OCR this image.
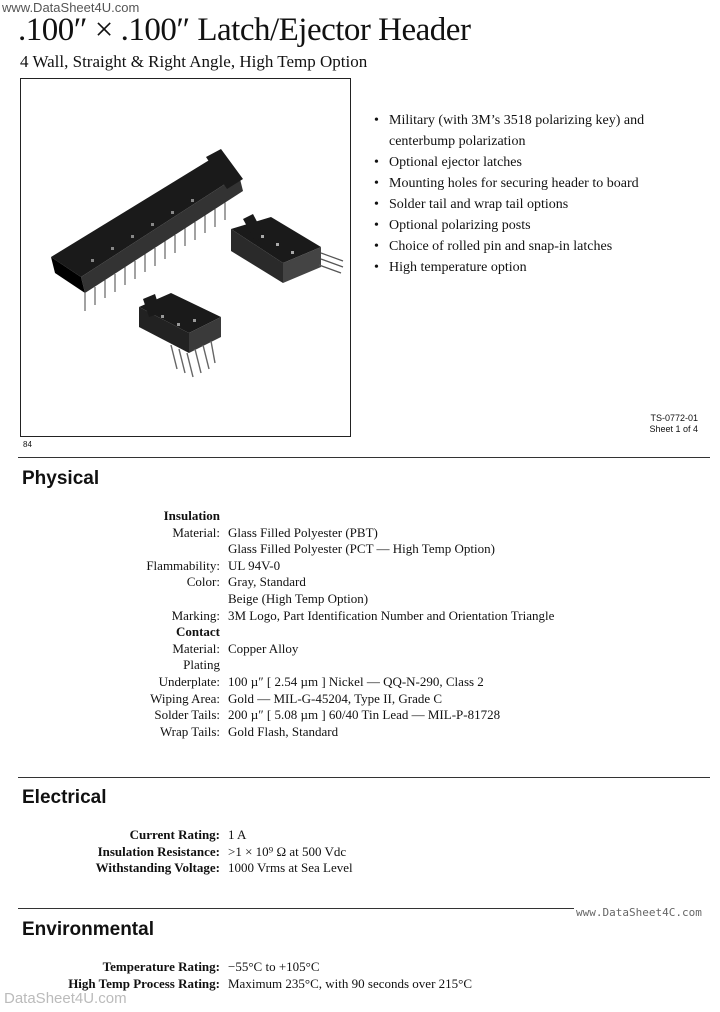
www.DataSheet4U.com
.100″ × .100″ Latch/Ejector Header
4 Wall, Straight & Right Angle, High Temp Option
84
• Military (with 3M’s 3518 polarizing key) and
centerbump polarization
• Optional ejector latches
• Mounting holes for securing header to board
• Solder tail and wrap tail options
• Optional polarizing posts
• Choice of rolled pin and snap-in latches
• High temperature option
TS-0772-01
Sheet 1 of 4
Physical
Insulation
Material: Glass Filled Polyester (PBT)
Glass Filled Polyester (PCT — High Temp Option)
Flammability: UL 94V-0
Color: Gray, Standard
Beige (High Temp Option)
Marking: 3M Logo, Part Identification Number and Orientation Triangle
Contact
Material: Copper Alloy
Plating
Underplate: 100 µ″ [ 2.54 µm ] Nickel — QQ-N-290, Class 2
Wiping Area: Gold — MIL-G-45204, Type II, Grade C
Solder Tails: 200 µ″ [ 5.08 µm ] 60/40 Tin Lead — MIL-P-81728
Wrap Tails: Gold Flash, Standard
Electrical
Current Rating: 1 A
Insulation Resistance: >1 × 10⁹ Ω at 500 Vdc
Withstanding Voltage: 1000 Vrms at Sea Level
www.DataSheet4C.com
Environmental
Temperature Rating: −55°C to +105°C
High Temp Process Rating: Maximum 235°C, with 90 seconds over 215°C
DataSheet4U.com
